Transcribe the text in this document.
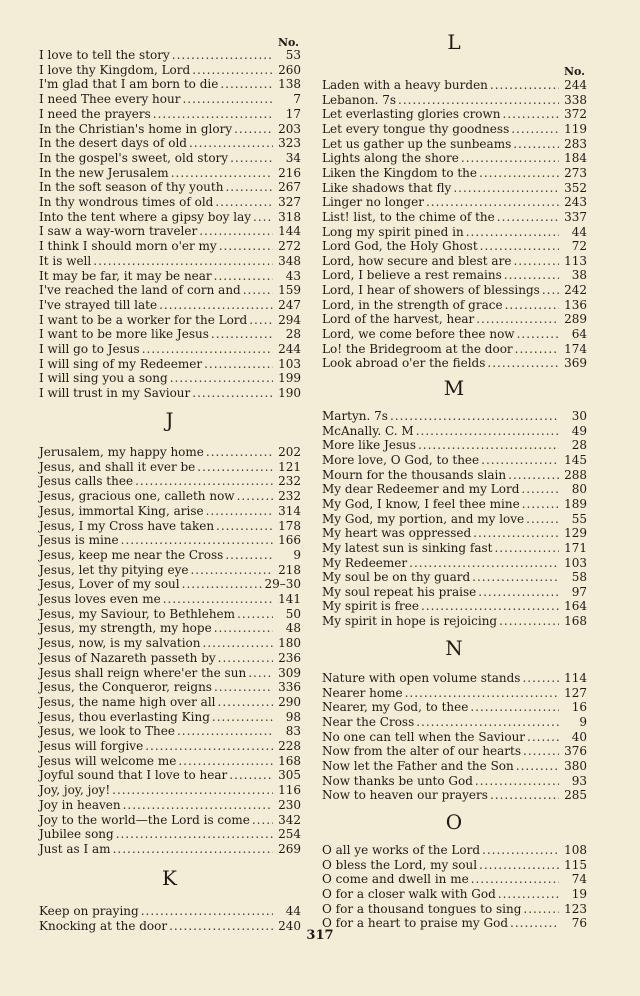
No.
I love to tell the story .....	53
I love thy Kingdom, Lord .....	260
I'm glad that I am born to die .....	138
I need Thee every hour .....	7
I need the prayers .....	17
In the Christian's home in glory .....	203
In the desert days of old .....	323
In the gospel's sweet, old story .....	34
In the new Jerusalem .....	216
In the soft season of thy youth .....	267
In thy wondrous times of old .....	327
Into the tent where a gipsy boy lay ..... 318
I saw a way-worn traveler .....	144
I think I should morn o'er my .....	272
It is well .....	348
It may be far, it may be near .....	43
I've reached the land of corn and .....	159
I've strayed till late .....	247
I want to be a worker for the Lord .....	294
I want to be more like Jesus .....	28
I will go to Jesus .....	244
I will sing of my Redeemer .....	103
I will sing you a song .....	199
I will trust in my Saviour .....	190
J
Jerusalem, my happy home .....	202
Jesus, and shall it ever be .....	121
Jesus calls thee .....	232
Jesus, gracious one, calleth now .....	232
Jesus, immortal King, arise .....	314
Jesus, I my Cross have taken .....	178
Jesus is mine .....	166
Jesus, keep me near the Cross .....	9
Jesus, let thy pitying eye .....	218
Jesus, Lover of my soul .....	29–30
Jesus loves even me .....	141
Jesus, my Saviour, to Bethlehem .....	50
Jesus, my strength, my hope .....	48
Jesus, now, is my salvation .....	180
Jesus of Nazareth passeth by .....	236
Jesus shall reign where'er the sun .....	309
Jesus, the Conqueror, reigns .....	336
Jesus, the name high over all .....	290
Jesus, thou everlasting King .....	98
Jesus, we look to Thee .....	83
Jesus will forgive .....	228
Jesus will welcome me .....	168
Joyful sound that I love to hear .....	305
Joy, joy, joy! .....	116
Joy in heaven .....	230
Joy to the world—the Lord is come ..... 342
Jubilee song .....	254
Just as I am .....	269
K
Keep on praying .....	44
Knocking at the door .....	240
No.
L
Laden with a heavy burden .....	244
Lebanon. 7s .....	338
Let everlasting glories crown .....	372
Let every tongue thy goodness .....	119
Let us gather up the sunbeams .....	283
Lights along the shore .....	184
Liken the Kingdom to the .....	273
Like shadows that fly .....	352
Linger no longer .....	243
List! list, to the chime of the .....	337
Long my spirit pined in .....	44
Lord God, the Holy Ghost .....	72
Lord, how secure and blest are .....	113
Lord, I believe a rest remains .....	38
Lord, I hear of showers of blessings ..... 242
Lord, in the strength of grace .....	136
Lord of the harvest, hear .....	289
Lord, we come before thee now .....	64
Lo! the Bridegroom at the door .....	174
Look abroad o'er the fields .....	369
M
Martyn. 7s .....	30
McAnally. C. M .....	49
More like Jesus .....	28
More love, O God, to thee .....	145
Mourn for the thousands slain .....	288
My dear Redeemer and my Lord .....	80
My God, I know, I feel thee mine .....	189
My God, my portion, and my love .....	55
My heart was oppressed .....	129
My latest sun is sinking fast .....	171
My Redeemer .....	103
My soul be on thy guard .....	58
My soul repeat his praise .....	97
My spirit is free .....	164
My spirit in hope is rejoicing .....	168
N
Nature with open volume stands .....	114
Nearer home .....	127
Nearer, my God, to thee .....	16
Near the Cross .....	9
No one can tell when the Saviour .....	40
Now from the alter of our hearts .....	376
Now let the Father and the Son .....	380
Now thanks be unto God .....	93
Now to heaven our prayers .....	285
O
O all ye works of the Lord .....	108
O bless the Lord, my soul .....	115
O come and dwell in me .....	74
O for a closer walk with God .....	19
O for a thousand tongues to sing .....	123
O for a heart to praise my God .....	76
317
